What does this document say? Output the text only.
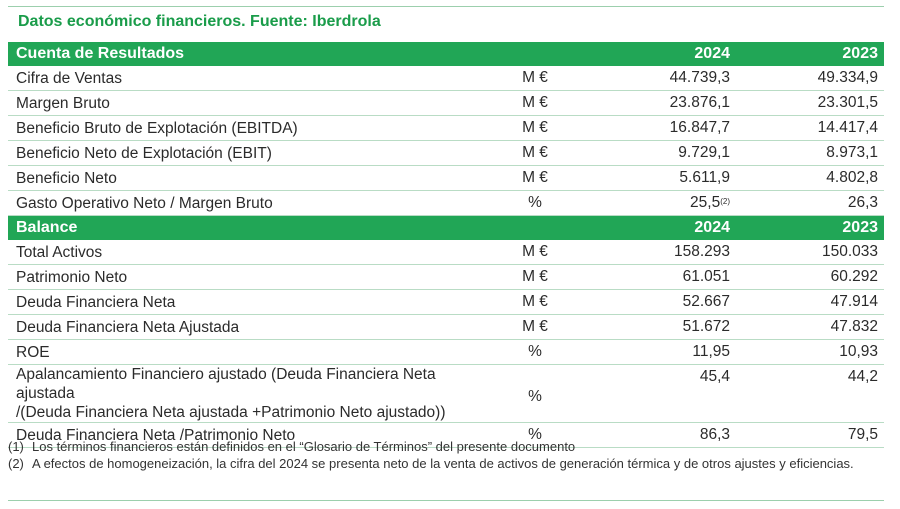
Datos económico financieros. Fuente: Iberdrola
Cuenta de Resultados		2024	2023
Cifra de Ventas	M €	44.739,3	49.334,9
Margen Bruto	M €	23.876,1	23.301,5
Beneficio Bruto de Explotación (EBITDA)	M €	16.847,7	14.417,4
Beneficio Neto de Explotación (EBIT)	M €	9.729,1	8.973,1
Beneficio Neto	M €	5.611,9	4.802,8
Gasto Operativo Neto / Margen Bruto	%	25,5$^{(2)}$	26,3
Balance		2024	2023
Total Activos	M €	158.293	150.033
Patrimonio Neto	M €	61.051	60.292
Deuda Financiera Neta	M €	52.667	47.914
Deuda Financiera Neta Ajustada	M €	51.672	47.832
ROE	%	11,95	10,93

Apalancamiento Financiero ajustado (Deuda Financiera Neta ajustada
/(Deuda Financiera Neta ajustada +Patrimonio Neto ajustado))	%	45,4	44,2
Deuda Financiera Neta /Patrimonio Neto	%	86,3	79,5
(1) Los términos financieros están definidos en el “Glosario de Términos” del presente documento
(2) A efectos de homogeneización, la cifra del 2024 se presenta neto de la venta de activos de generación térmica y de otros ajustes y eficiencias.
